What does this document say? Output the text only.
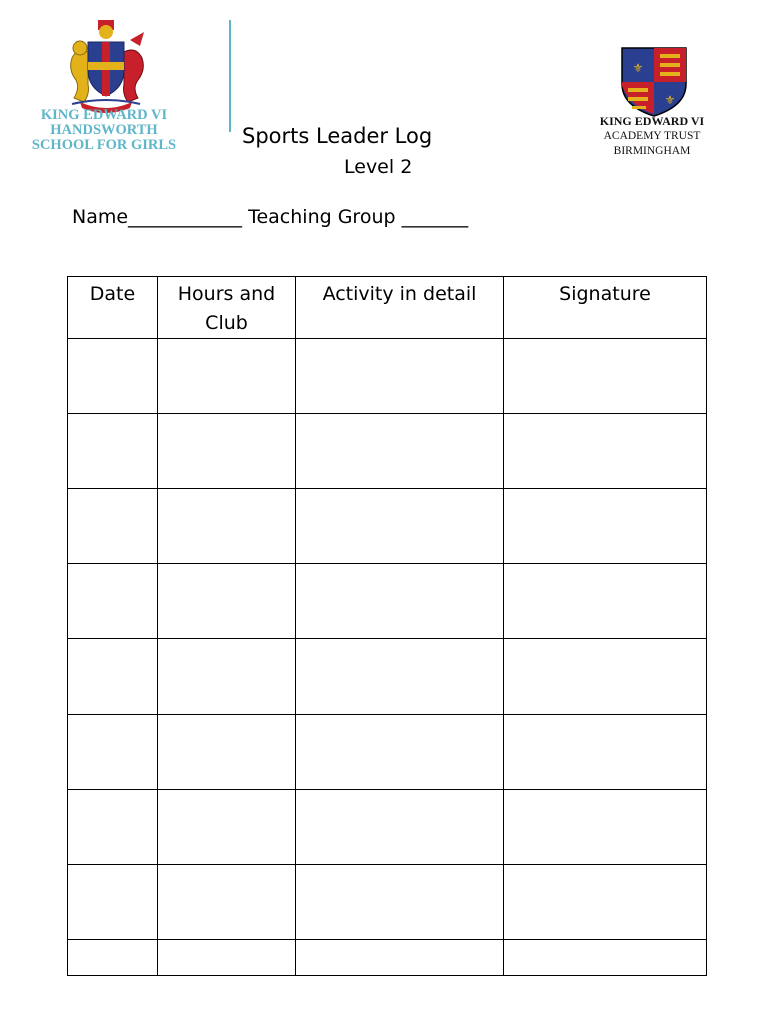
KING EDWARD VI
HANDSWORTH
SCHOOL FOR GIRLS
⚜
⚜
KING EDWARD VI
ACADEMY TRUST
BIRMINGHAM
Sports Leader Log
Level 2
Name____________ Teaching Group _______
Date	Hours and Club	Activity in detail	Signature
